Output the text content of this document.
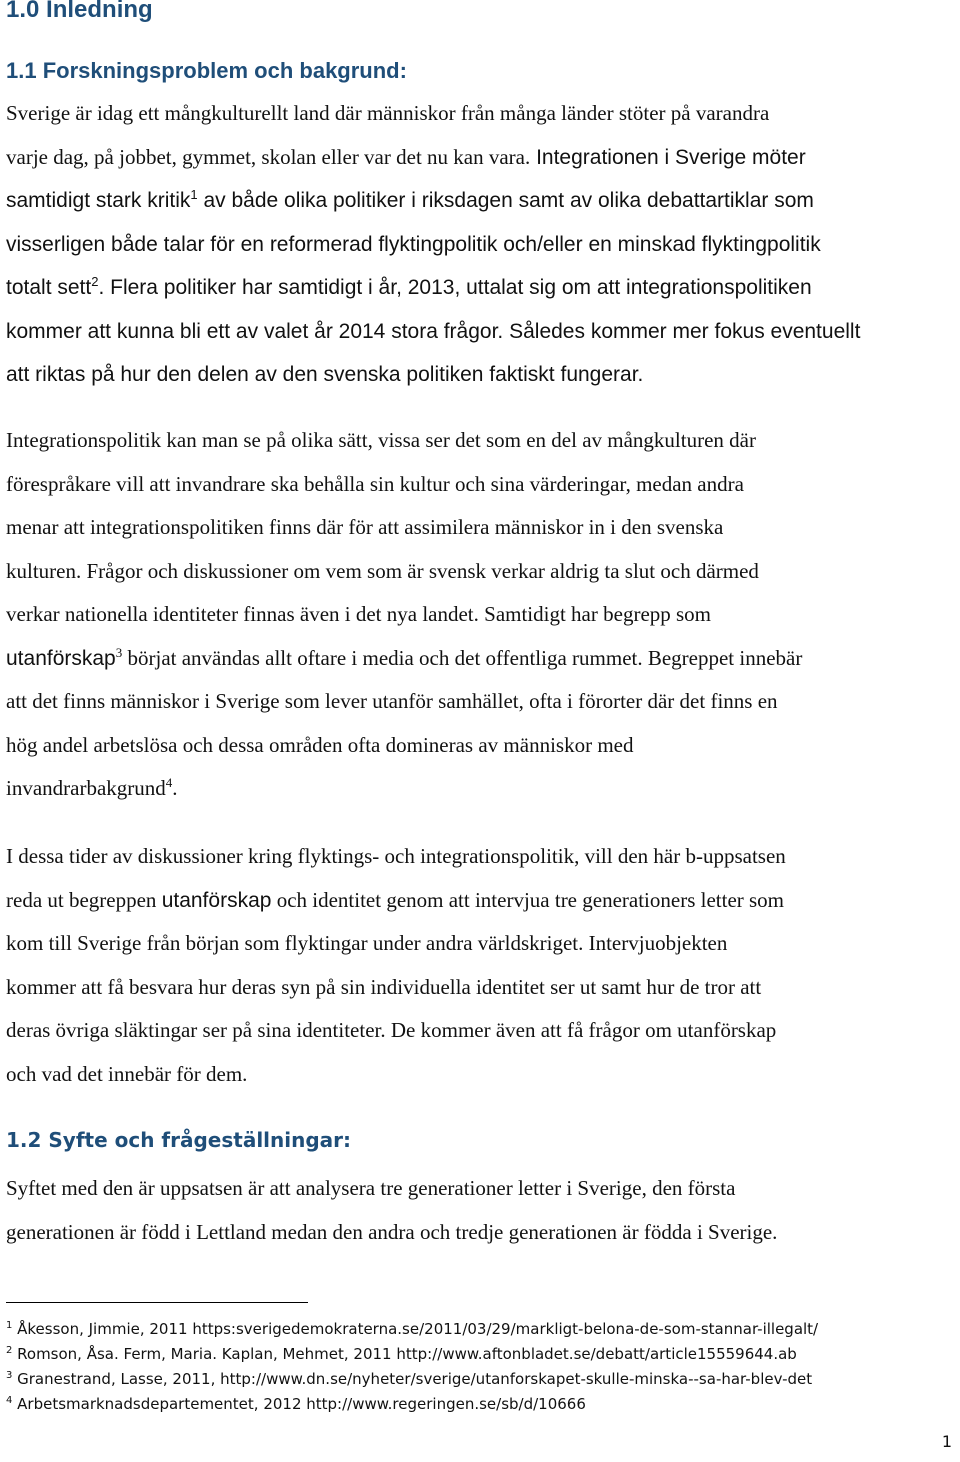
1.0 Inledning
1.1 Forskningsproblem och bakgrund:

Sverige är idag ett mångkulturellt land där människor från många länder stöter på varandra
varje dag, på jobbet, gymmet, skolan eller var det nu kan vara. Integrationen i Sverige möter
samtidigt stark kritik$^1$ av både olika politiker i riksdagen samt av olika debattartiklar som
visserligen både talar för en reformerad flyktingpolitik och/eller en minskad flyktingpolitik
totalt sett$^2$. Flera politiker har samtidigt i år, 2013, uttalat sig om att integrationspolitiken
kommer att kunna bli ett av valet år 2014 stora frågor. Således kommer mer fokus eventuellt
att riktas på hur den delen av den svenska politiken faktiskt fungerar.

Integrationspolitik kan man se på olika sätt, vissa ser det som en del av mångkulturen där
förespråkare vill att invandrare ska behålla sin kultur och sina värderingar, medan andra
menar att integrationspolitiken finns där för att assimilera människor in i den svenska
kulturen. Frågor och diskussioner om vem som är svensk verkar aldrig ta slut och därmed
verkar nationella identiteter finnas även i det nya landet. Samtidigt har begrepp som
utanförskap$^3$ börjat användas allt oftare i media och det offentliga rummet. Begreppet innebär
att det finns människor i Sverige som lever utanför samhället, ofta i förorter där det finns en
hög andel arbetslösa och dessa områden ofta domineras av människor med
invandrarbakgrund$^4$.

I dessa tider av diskussioner kring flyktings- och integrationspolitik, vill den här b-uppsatsen
reda ut begreppen utanförskap och identitet genom att intervjua tre generationers letter som
kom till Sverige från början som flyktingar under andra världskriget. Intervjuobjekten
kommer att få besvara hur deras syn på sin individuella identitet ser ut samt hur de tror att
deras övriga släktingar ser på sina identiteter. De kommer även att få frågor om utanförskap
och vad det innebär för dem.

1.2 Syfte och frågeställningar:

Syftet med den är uppsatsen är att analysera tre generationer letter i Sverige, den första
generationen är född i Lettland medan den andra och tredje generationen är födda i Sverige.

$^1$ Åkesson, Jimmie, 2011 https:sverigedemokraterna.se/2011/03/29/markligt-belona-de-som-stannar-illegalt/
$^2$ Romson, Åsa. Ferm, Maria. Kaplan, Mehmet, 2011 http://www.aftonbladet.se/debatt/article15559644.ab
$^3$ Granestrand, Lasse, 2011, http://www.dn.se/nyheter/sverige/utanforskapet-skulle-minska--sa-har-blev-det
$^4$ Arbetsmarknadsdepartementet, 2012 http://www.regeringen.se/sb/d/10666
1
